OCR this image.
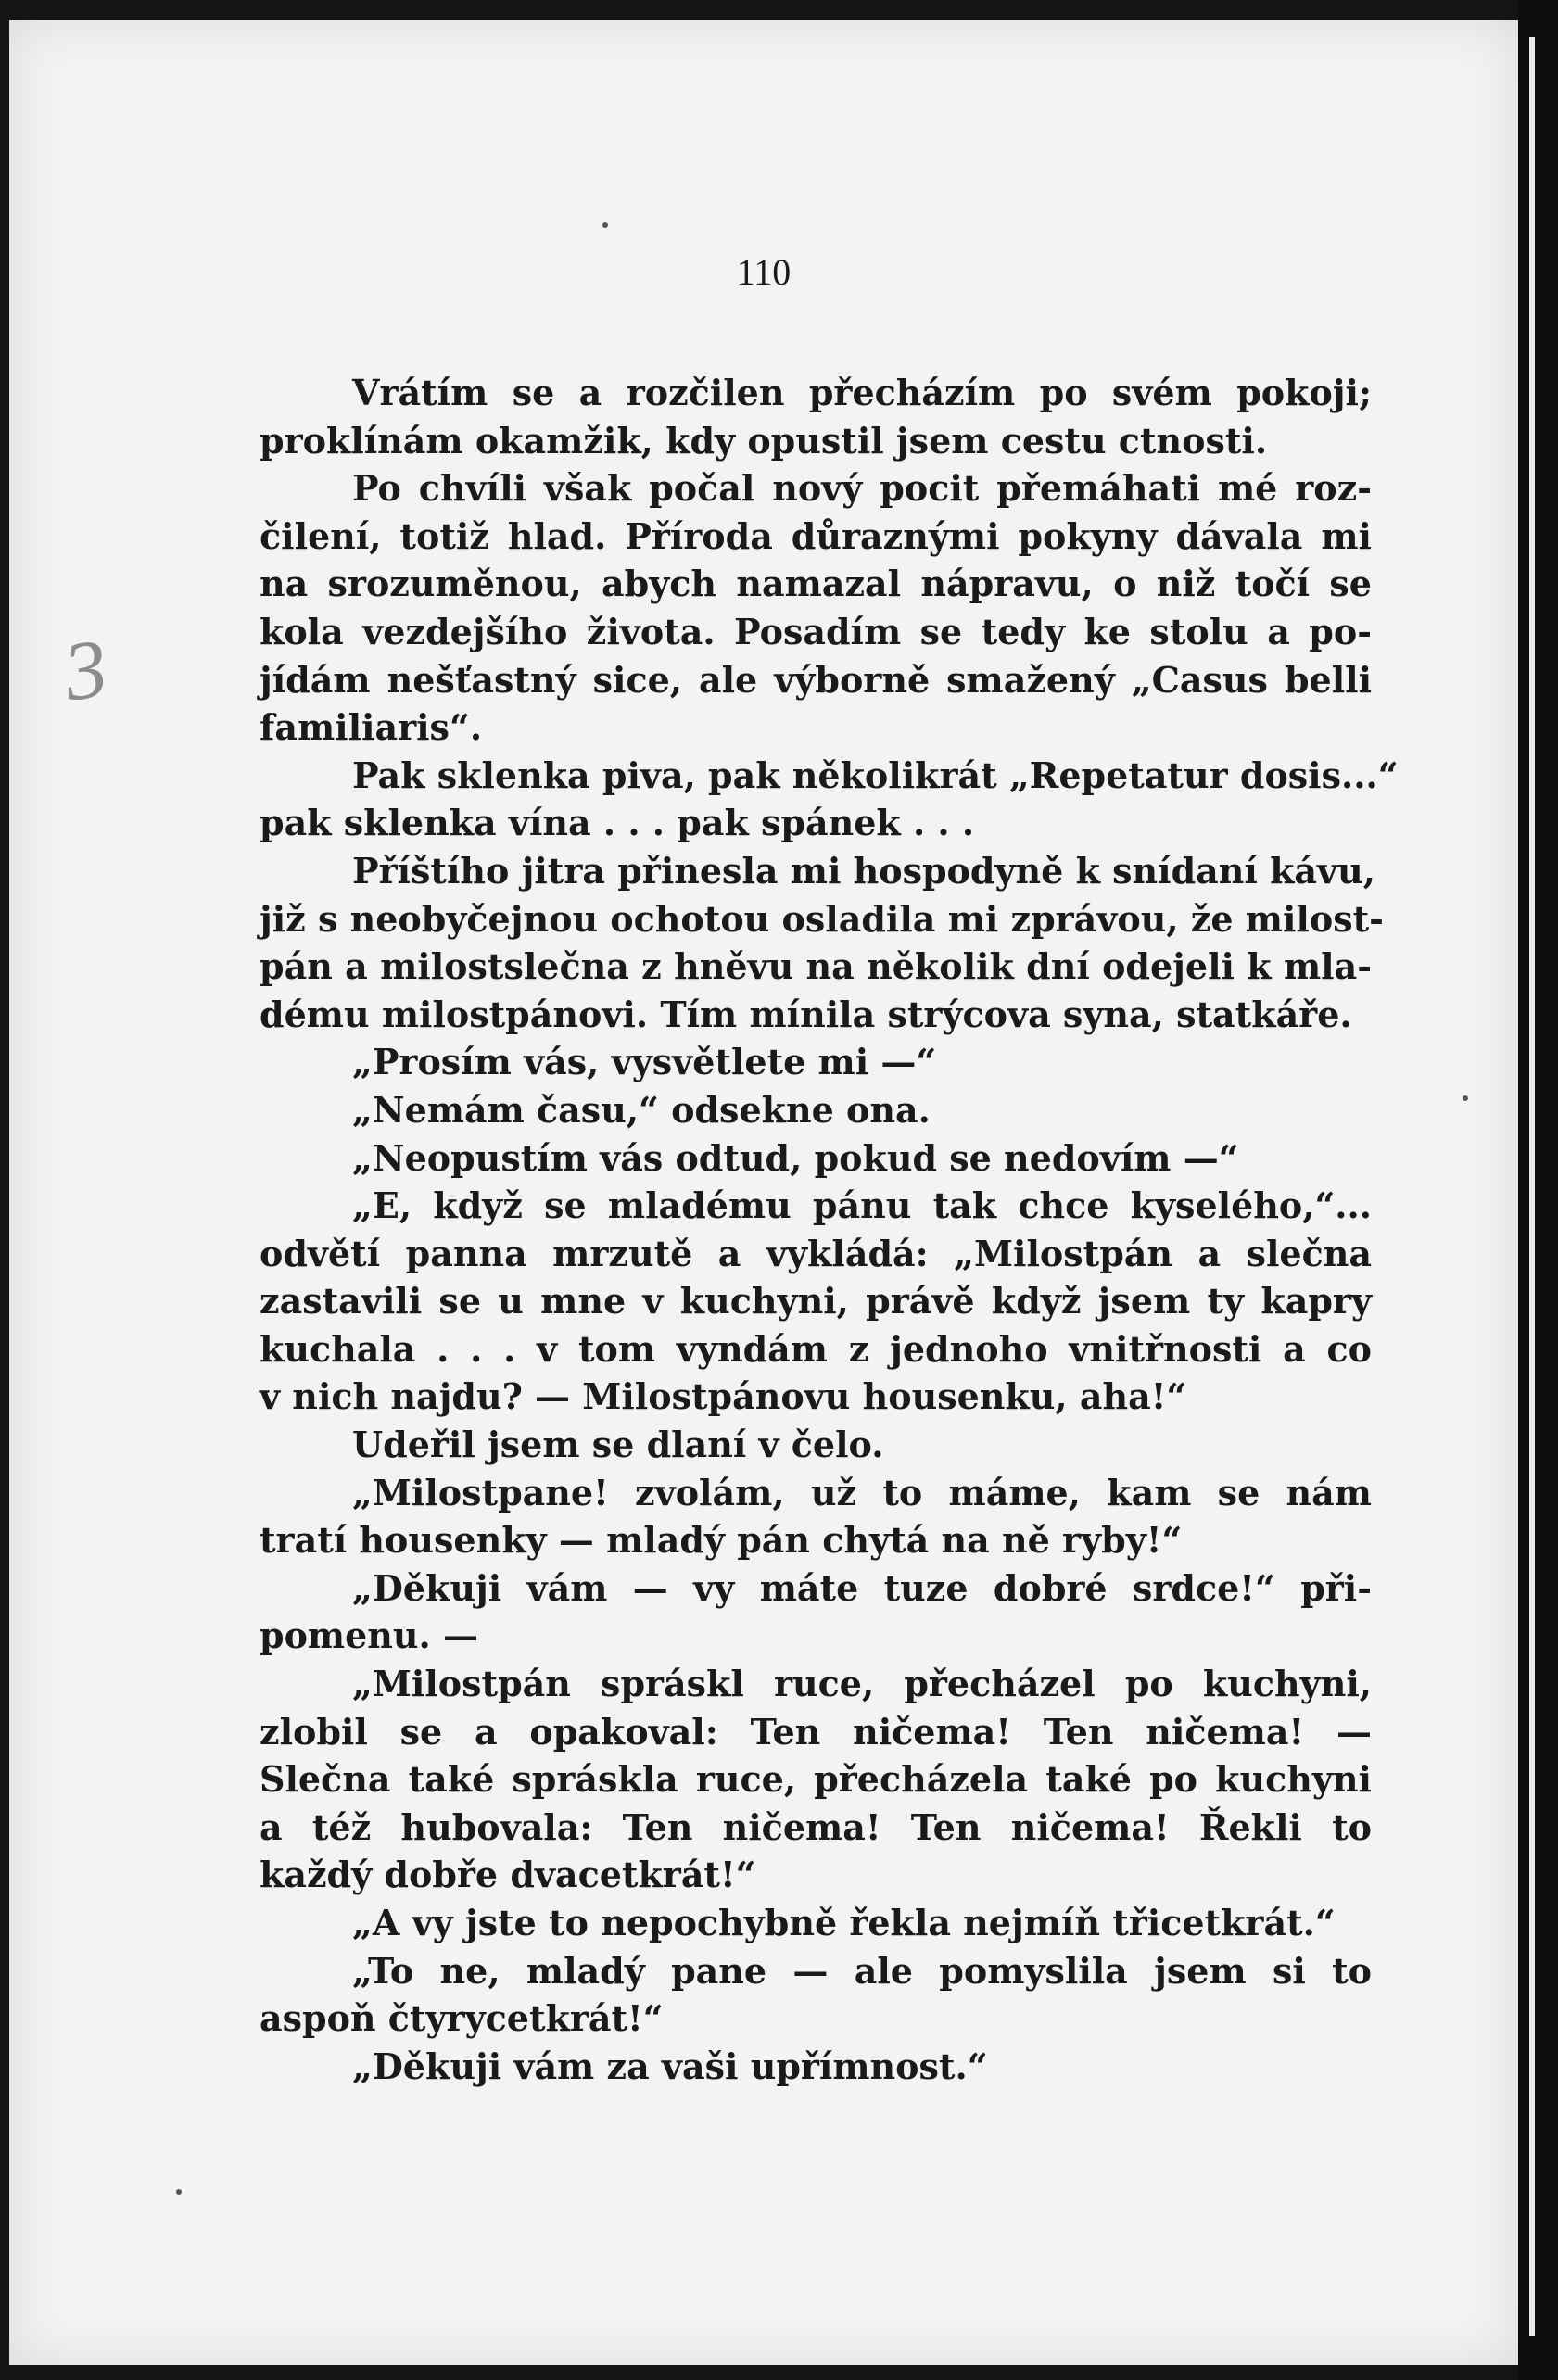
110
3

Vrátím se a rozčilen přecházím po svém pokoji;
proklínám okamžik, kdy opustil jsem cestu ctnosti.

Po chvíli však počal nový pocit přemáhati mé roz-
čilení, totiž hlad. Příroda důraznými pokyny dávala mi
na srozuměnou, abych namazal nápravu, o niž točí se
kola vezdejšího života. Posadím se tedy ke stolu a po-
jídám nešťastný sice, ale výborně smažený „Casus belli
familiaris“.

Pak sklenka piva, pak několikrát „Repetatur dosis...“
pak sklenka vína . . . pak spánek . . .

Příštího jitra přinesla mi hospodyně k snídaní kávu,
již s neobyčejnou ochotou osladila mi zprávou, že milost-
pán a milostslečna z hněvu na několik dní odejeli k mla-
dému milostpánovi. Tím mínila strýcova syna, statkáře.

„Prosím vás, vysvětlete mi —“

„Nemám času,“ odsekne ona.

„Neopustím vás odtud, pokud se nedovím —“

„E, když se mladému pánu tak chce kyselého,“...
odvětí panna mrzutě a vykládá: „Milostpán a slečna
zastavili se u mne v kuchyni, právě když jsem ty kapry
kuchala . . . v tom vyndám z jednoho vnitřnosti a co
v nich najdu? — Milostpánovu housenku, aha!“

Udeřil jsem se dlaní v čelo.

„Milostpane! zvolám, už to máme, kam se nám
tratí housenky — mladý pán chytá na ně ryby!“

„Děkuji vám — vy máte tuze dobré srdce!“ při-
pomenu. —

„Milostpán spráskl ruce, přecházel po kuchyni,
zlobil se a opakoval: Ten ničema! Ten ničema! —
Slečna také spráskla ruce, přecházela také po kuchyni
a též hubovala: Ten ničema! Ten ničema! Řekli to
každý dobře dvacetkrát!“

„A vy jste to nepochybně řekla nejmíň třicetkrát.“

„To ne, mladý pane — ale pomyslila jsem si to
aspoň čtyrycetkrát!“

„Děkuji vám za vaši upřímnost.“
